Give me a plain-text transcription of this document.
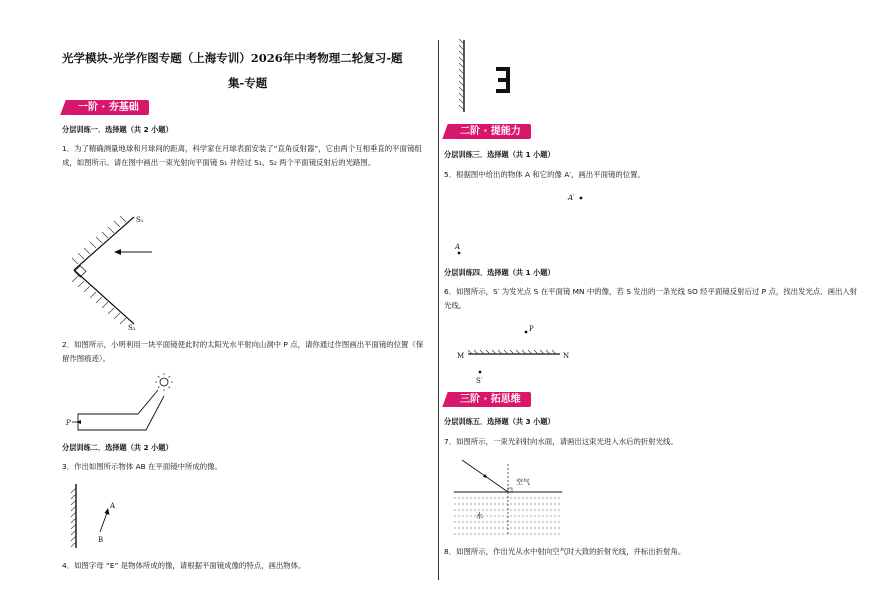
光学模块-光学作图专题（上海专训）2026年中考物理二轮复习-题
集-专题
一阶 · 夯基础
分层训练一．选择题（共 2 小题）
1．为了精确测量地球和月球间的距离，科学家在月球表面安装了“直角反射器”，它由两个互相垂直的平面镜组成，如图所示。请在图中画出一束光射向平面镜 S₁ 并经过 S₁、S₂ 两个平面镜反射后的光路图。
S₁
S₂
2．如图所示，小明利用一块平面镜使此时的太阳光水平射向山洞中 P 点，请你通过作图画出平面镜的位置（保留作图痕迹）。
P
分层训练二．选择题（共 2 小题）
3．作出如图所示物体 AB 在平面镜中所成的像。
A
B
4．如图字母 “E” 是物体所成的像，请根据平面镜成像的特点，画出物体。
二阶 · 提能力
分层训练三．选择题（共 1 小题）
5．根据图中给出的物体 A 和它的像 A′，画出平面镜的位置。
A′
A
分层训练四．选择题（共 1 小题）
6．如图所示，S′ 为发光点 S 在平面镜 MN 中的像，若 S 发出的一条光线 SO 经平面镜反射后过 P 点，找出发光点、画出入射光线。
P
M	N
S′
三阶 · 拓思维
分层训练五．选择题（共 3 小题）
7．如图所示，一束光斜射向水面，请画出这束光进入水后的折射光线。
空气
水
8．如图所示，作出光从水中射向空气时大致的折射光线，并标出折射角。
